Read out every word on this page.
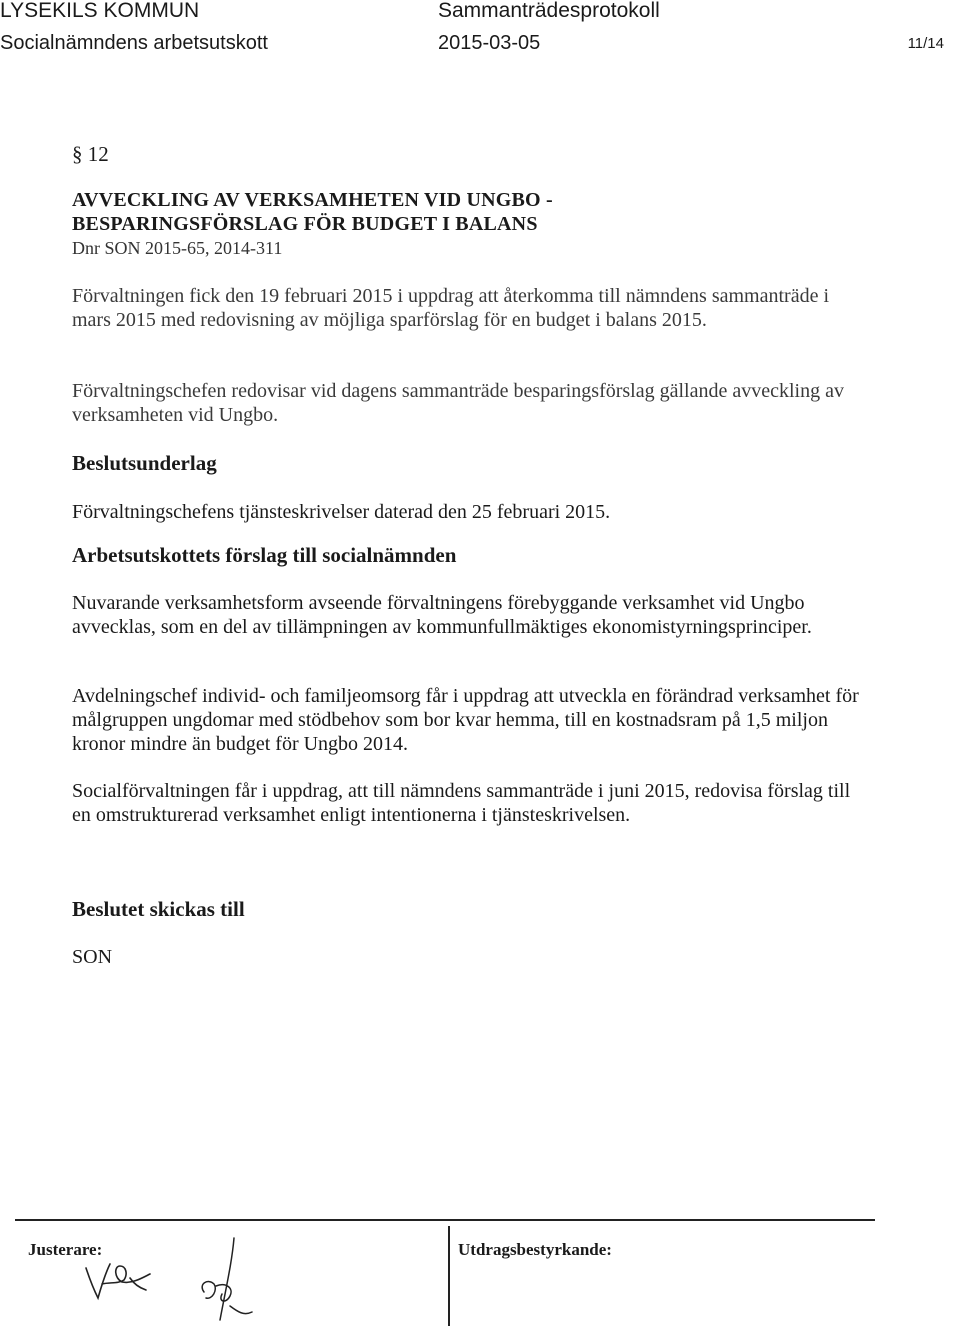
LYSEKILS KOMMUN	Sammanträdesprotokoll
Socialnämndens arbetsutskott	2015-03-05	11/14
§ 12
AVVECKLING AV VERKSAMHETEN VID UNGBO -
BESPARINGSFÖRSLAG FÖR BUDGET I BALANS
Dnr SON 2015-65, 2014-311
Förvaltningen fick den 19 februari 2015 i uppdrag att återkomma till nämndens sammanträde i mars 2015 med redovisning av möjliga sparförslag för en budget i balans 2015.
Förvaltningschefen redovisar vid dagens sammanträde besparingsförslag gällande avveckling av verksamheten vid Ungbo.
Beslutsunderlag
Förvaltningschefens tjänsteskrivelser daterad den 25 februari 2015.
Arbetsutskottets förslag till socialnämnden
Nuvarande verksamhetsform avseende förvaltningens förebyggande verksamhet vid Ungbo avvecklas, som en del av tillämpningen av kommunfullmäktiges ekonomistyrningsprinciper.
Avdelningschef individ- och familjeomsorg får i uppdrag att utveckla en förändrad verksamhet för målgruppen ungdomar med stödbehov som bor kvar hemma, till en kostnadsram på 1,5 miljon kronor mindre än budget för Ungbo 2014.
Socialförvaltningen får i uppdrag, att till nämndens sammanträde i juni 2015, redovisa förslag till en omstrukturerad verksamhet enligt intentionerna i tjänsteskrivelsen.
Beslutet skickas till
SON
Justerare:	Utdragsbestyrkande:
